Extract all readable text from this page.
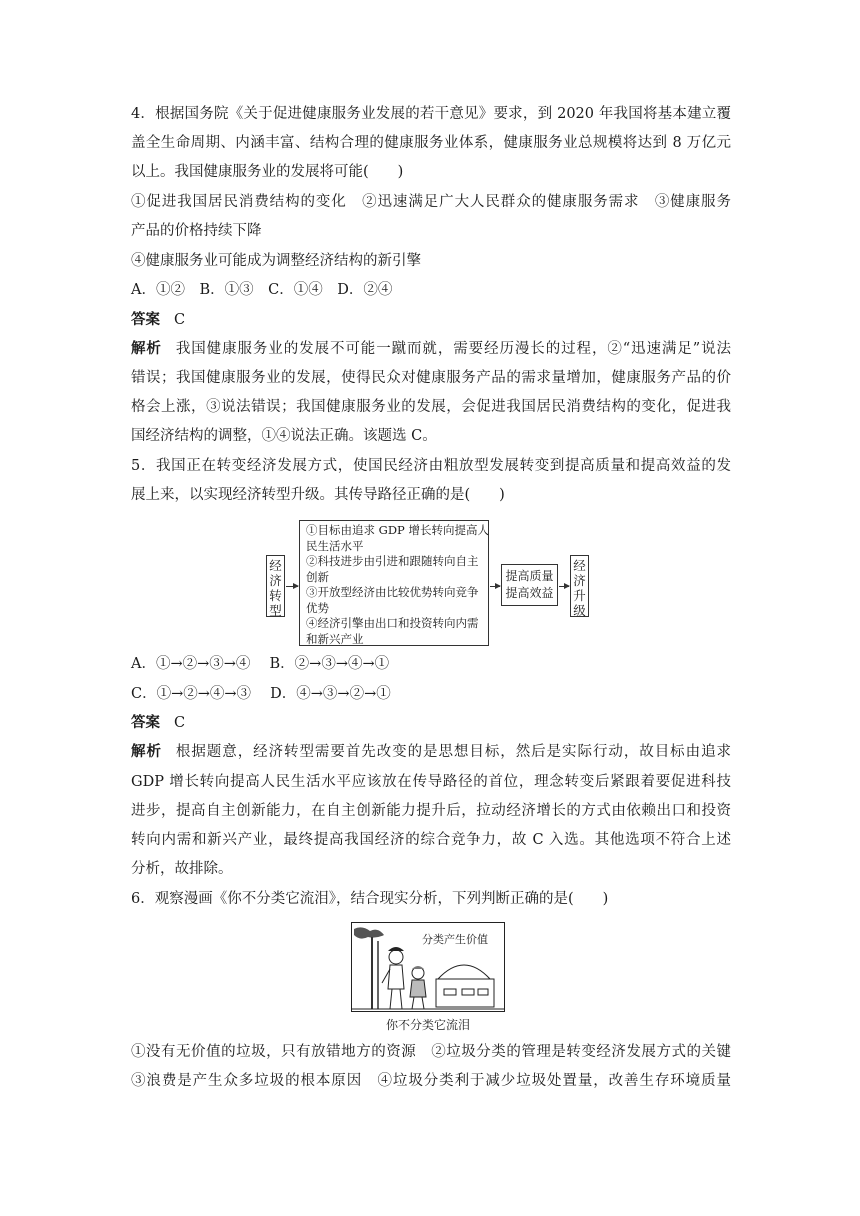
4．根据国务院《关于促进健康服务业发展的若干意见》要求，到 2020 年我国将基本建立覆
盖全生命周期、内涵丰富、结构合理的健康服务业体系，健康服务业总规模将达到 8 万亿元
以上。我国健康服务业的发展将可能(　　)
①促进我国居民消费结构的变化　②迅速满足广大人民群众的健康服务需求　③健康服务
产品的价格持续下降
④健康服务业可能成为调整经济结构的新引擎
A．①②　B．①③　C．①④　D．②④
答案 C
解析 我国健康服务业的发展不可能一蹴而就，需要经历漫长的过程，②“迅速满足”说法
错误；我国健康服务业的发展，使得民众对健康服务产品的需求量增加，健康服务产品的价
格会上涨，③说法错误；我国健康服务业的发展，会促进我国居民消费结构的变化，促进我
国经济结构的调整，①④说法正确。该题选 C。
5．我国正在转变经济发展方式，使国民经济由粗放型发展转变到提高质量和提高效益的发
展上来，以实现经济转型升级。其传导路径正确的是(　　)
经济转型
①目标由追求 GDP 增长转向提高人
民生活水平
②科技进步由引进和跟随转向自主
创新
③开放型经济由比较优势转向竞争
优势
④经济引擎由出口和投资转向内需
和新兴产业
提高质量
提高效益
经济升级
A．①→②→③→④　 B．②→③→④→①
C．①→②→④→③　 D．④→③→②→①
答案 C
解析 根据题意，经济转型需要首先改变的是思想目标，然后是实际行动，故目标由追求
GDP 增长转向提高人民生活水平应该放在传导路径的首位，理念转变后紧跟着要促进科技
进步，提高自主创新能力，在自主创新能力提升后，拉动经济增长的方式由依赖出口和投资
转向内需和新兴产业，最终提高我国经济的综合竞争力，故 C 入选。其他选项不符合上述
分析，故排除。
6．观察漫画《你不分类它流泪》，结合现实分析，下列判断正确的是(　　)
分类产生价值
你不分类它流泪
①没有无价值的垃圾，只有放错地方的资源　②垃圾分类的管理是转变经济发展方式的关键
③浪费是产生众多垃圾的根本原因　④垃圾分类利于减少垃圾处置量，改善生存环境质量
